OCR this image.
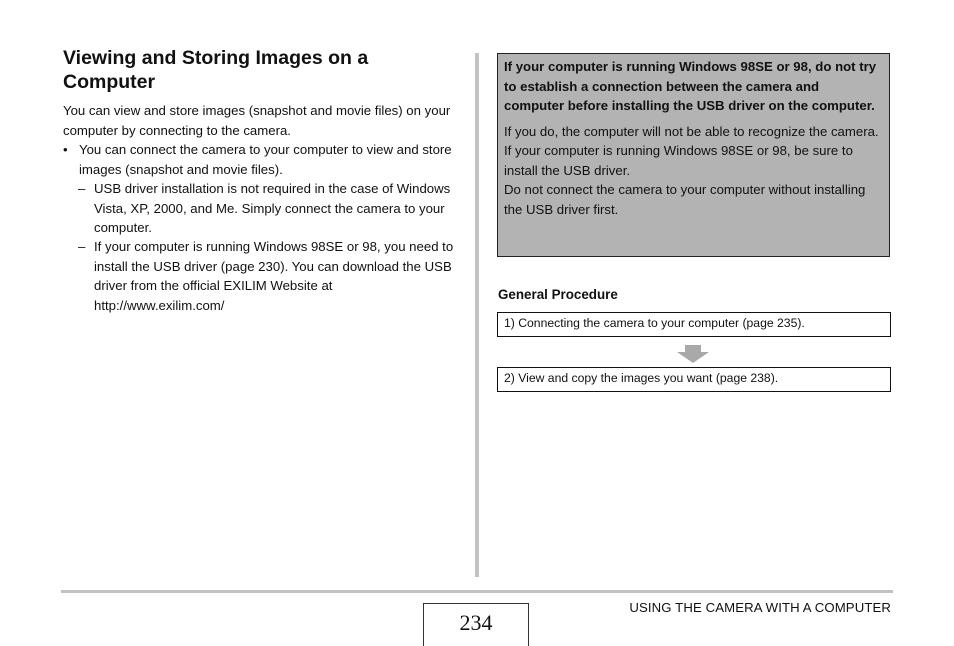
Viewing and Storing Images on a Computer

You can view and store images (snapshot and movie files) on your computer by connecting to the camera.

• You can connect the camera to your computer to view and store images (snapshot and movie files).
– USB driver installation is not required in the case of Windows Vista, XP, 2000, and Me. Simply connect the camera to your computer.
– If your computer is running Windows 98SE or 98, you need to install the USB driver (page 230). You can download the USB driver from the official EXILIM Website at http://www.exilim.com/

If your computer is running Windows 98SE or 98, do not try to establish a connection between the camera and computer before installing the USB driver on the computer.

If you do, the computer will not be able to recognize the camera.

If your computer is running Windows 98SE or 98, be sure to install the USB driver.

Do not connect the camera to your computer without installing the USB driver first.

General Procedure
1) Connecting the camera to your computer (page 235).
2) View and copy the images you want (page 238).
234
USING THE CAMERA WITH A COMPUTER
